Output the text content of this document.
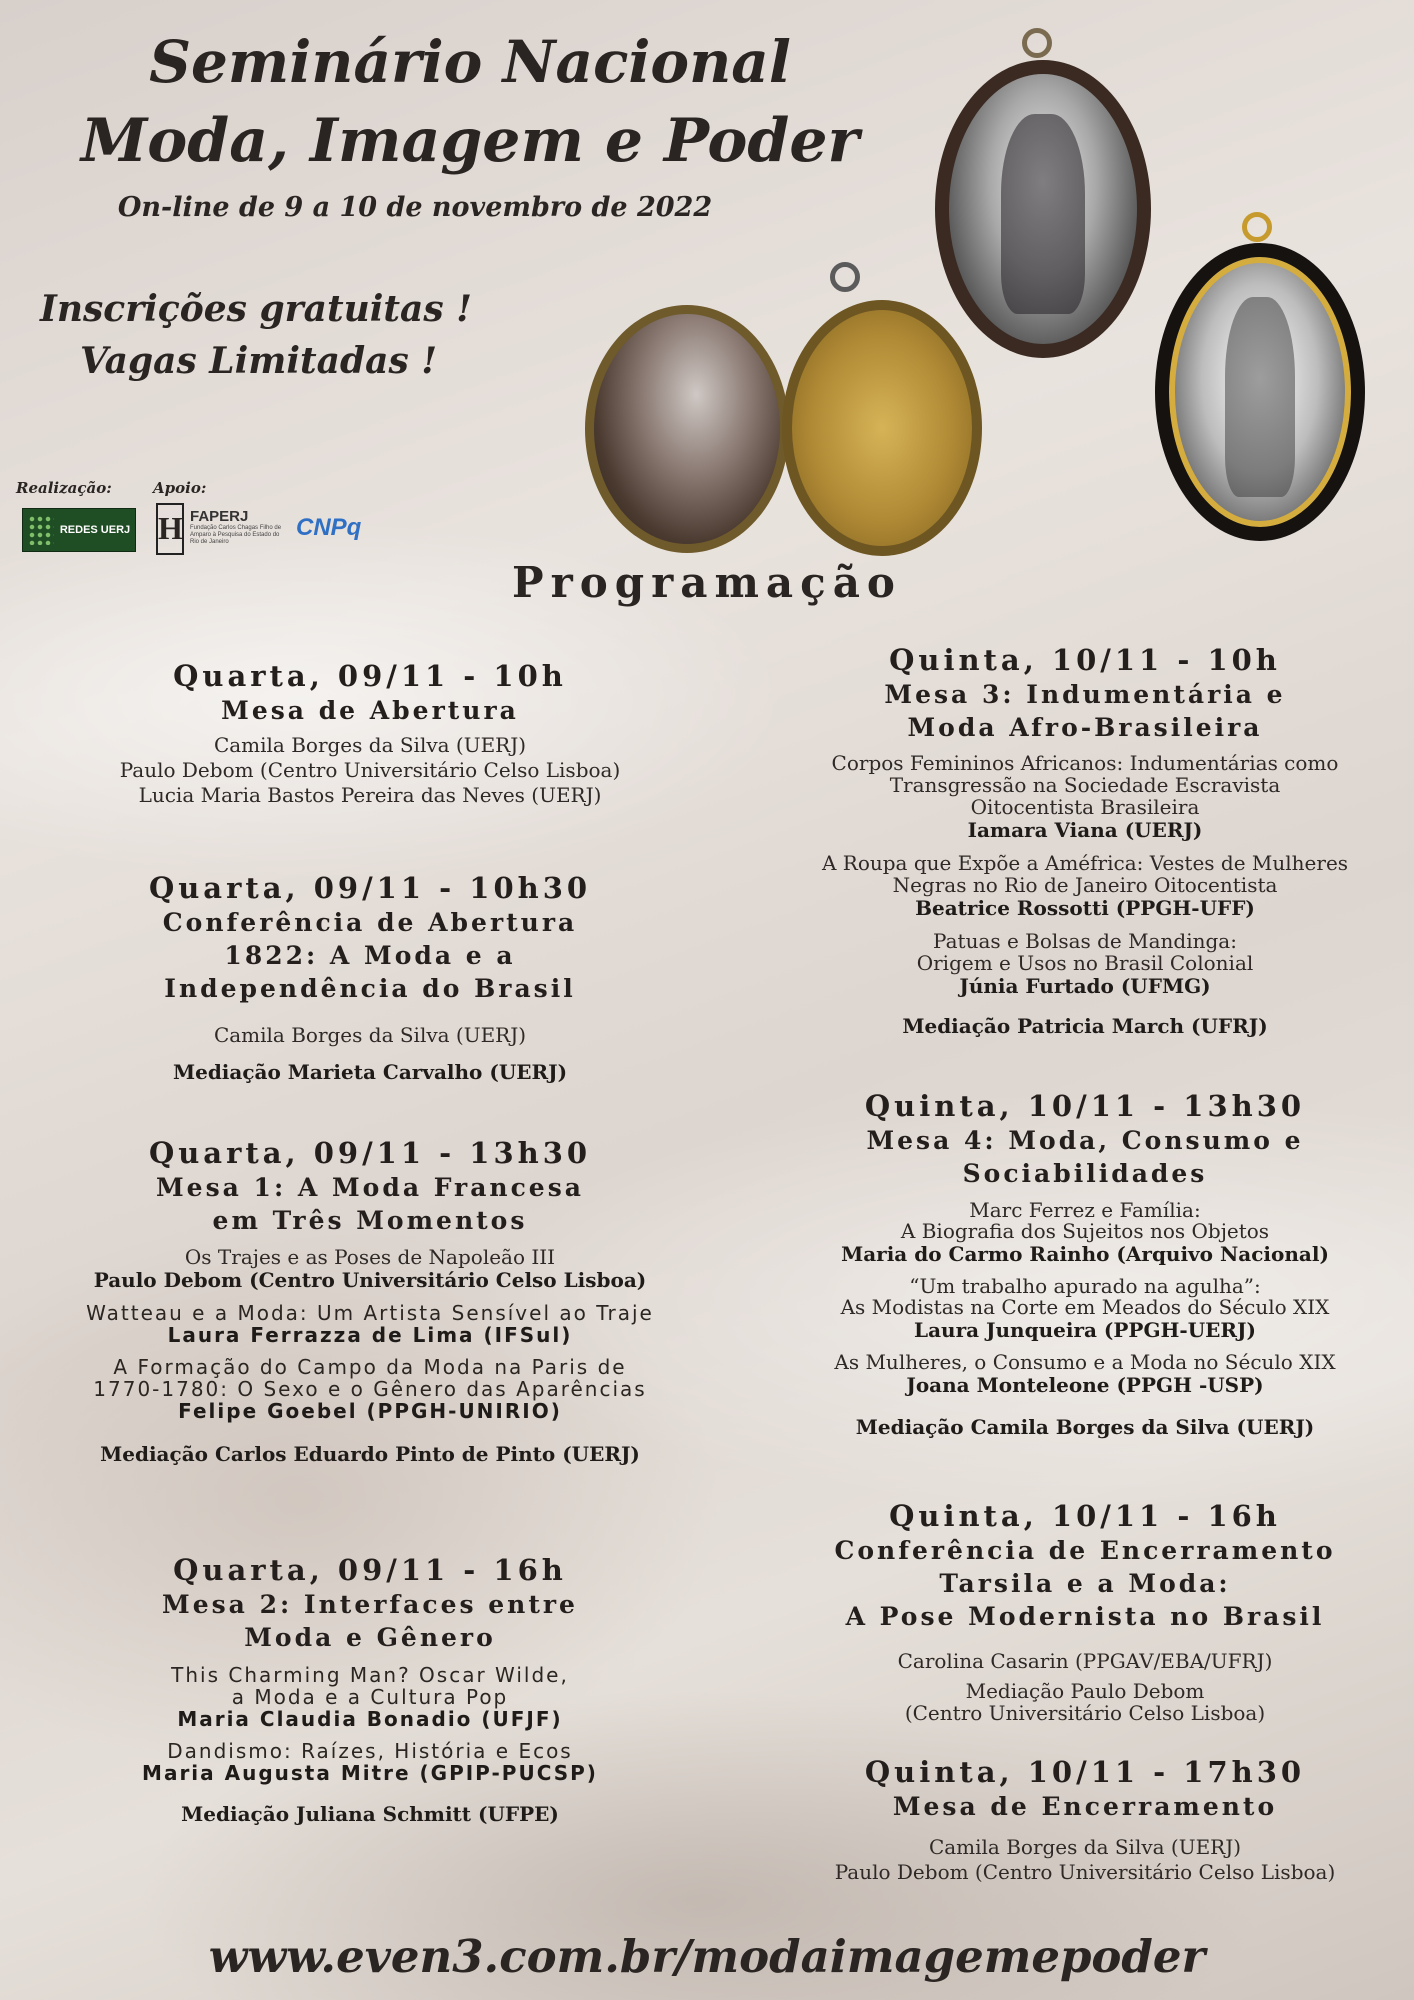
Seminário Nacional
Moda, Imagem e Poder
On-line de 9 a 10 de novembro de 2022
Inscrições gratuitas !
Vagas Limitadas !
Realização:	Apoio:
REDES UERJ H FAPERJ
Fundação Carlos Chagas Filho de Amparo à Pesquisa do Estado do Rio de Janeiro
CNPq
Programação
Quarta, 09/11 - 10h
Mesa de Abertura
Camila Borges da Silva (UERJ)
Paulo Debom (Centro Universitário Celso Lisboa)
Lucia Maria Bastos Pereira das Neves (UERJ)
Quarta, 09/11 - 10h30
Conferência de Abertura
1822: A Moda e a
Independência do Brasil
Camila Borges da Silva (UERJ)
Mediação Marieta Carvalho (UERJ)
Quarta, 09/11 - 13h30
Mesa 1: A Moda Francesa
em Três Momentos
Os Trajes e as Poses de Napoleão III
Paulo Debom (Centro Universitário Celso Lisboa)
Watteau e a Moda: Um Artista Sensível ao Traje
Laura Ferrazza de Lima (IFSul)
A Formação do Campo da Moda na Paris de
1770-1780: O Sexo e o Gênero das Aparências
Felipe Goebel (PPGH-UNIRIO)
Mediação Carlos Eduardo Pinto de Pinto (UERJ)
Quarta, 09/11 - 16h
Mesa 2: Interfaces entre
Moda e Gênero
This Charming Man? Oscar Wilde,
a Moda e a Cultura Pop
Maria Claudia Bonadio (UFJF)
Dandismo: Raízes, História e Ecos
Maria Augusta Mitre (GPIP-PUCSP)
Mediação Juliana Schmitt (UFPE)
Quinta, 10/11 - 10h
Mesa 3: Indumentária e
Moda Afro-Brasileira
Corpos Femininos Africanos: Indumentárias como
Transgressão na Sociedade Escravista
Oitocentista Brasileira
Iamara Viana (UERJ)
A Roupa que Expõe a Améfrica: Vestes de Mulheres
Negras no Rio de Janeiro Oitocentista
Beatrice Rossotti (PPGH-UFF)
Patuas e Bolsas de Mandinga:
Origem e Usos no Brasil Colonial
Júnia Furtado (UFMG)
Mediação Patricia March (UFRJ)
Quinta, 10/11 - 13h30
Mesa 4: Moda, Consumo e
Sociabilidades
Marc Ferrez e Família:
A Biografia dos Sujeitos nos Objetos
Maria do Carmo Rainho (Arquivo Nacional)
“Um trabalho apurado na agulha”:
As Modistas na Corte em Meados do Século XIX
Laura Junqueira (PPGH-UERJ)
As Mulheres, o Consumo e a Moda no Século XIX
Joana Monteleone (PPGH -USP)
Mediação Camila Borges da Silva (UERJ)
Quinta, 10/11 - 16h
Conferência de Encerramento
Tarsila e a Moda:
A Pose Modernista no Brasil
Carolina Casarin (PPGAV/EBA/UFRJ)
Mediação Paulo Debom
(Centro Universitário Celso Lisboa)
Quinta, 10/11 - 17h30
Mesa de Encerramento
Camila Borges da Silva (UERJ)
Paulo Debom (Centro Universitário Celso Lisboa)
www.even3.com.br/modaimagemepoder
